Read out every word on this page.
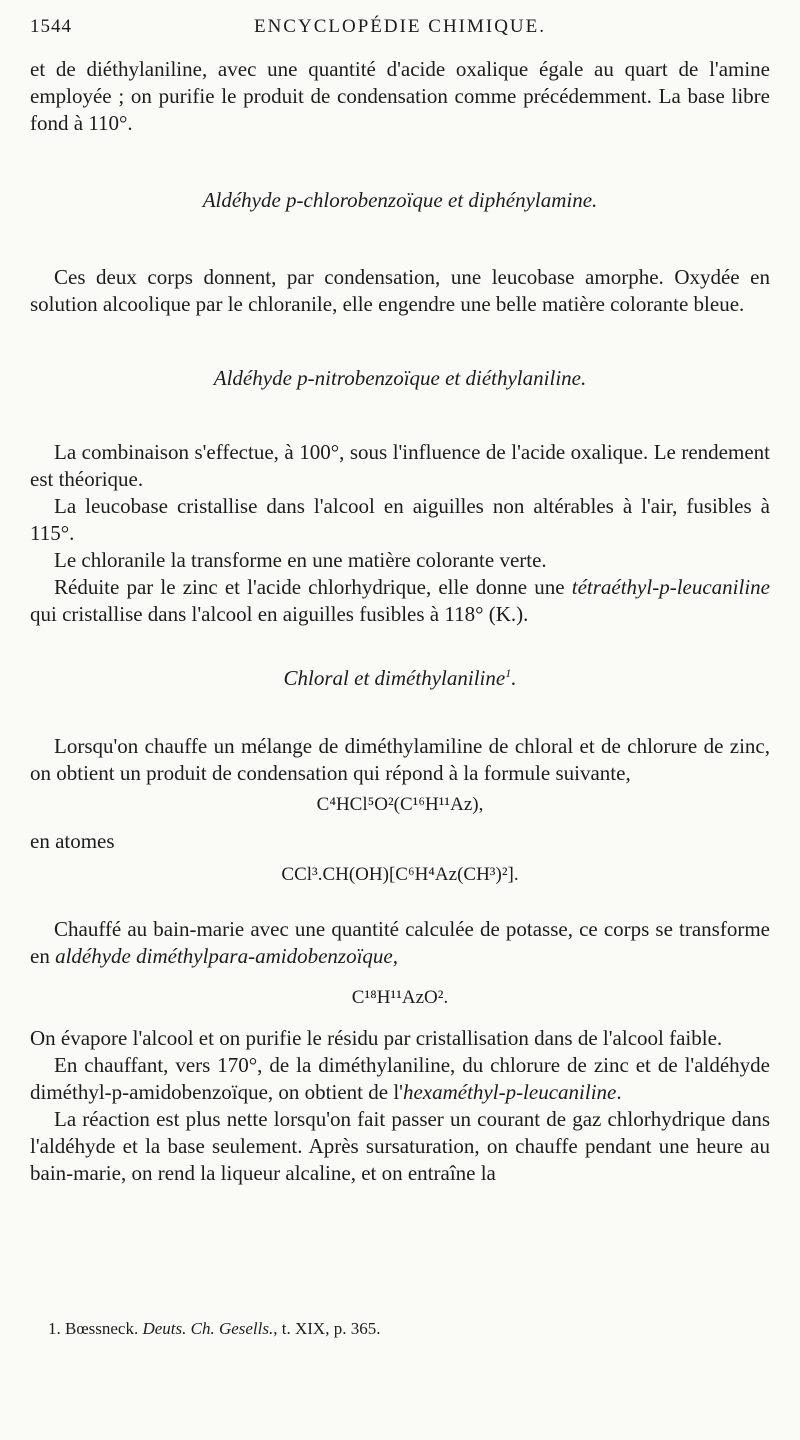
1544	ENCYCLOPÉDIE CHIMIQUE.

et de diéthylaniline, avec une quantité d'acide oxalique égale au quart de l'amine employée ; on purifie le produit de condensation comme précédemment. La base libre fond à 110°.

Aldéhyde p-chlorobenzoïque et diphénylamine.

Ces deux corps donnent, par condensation, une leucobase amorphe. Oxydée en solution alcoolique par le chloranile, elle engendre une belle matière colorante bleue.

Aldéhyde p-nitrobenzoïque et diéthylaniline.

La combinaison s'effectue, à 100°, sous l'influence de l'acide oxalique. Le rendement est théorique.

La leucobase cristallise dans l'alcool en aiguilles non altérables à l'air, fusibles à 115°.

Le chloranile la transforme en une matière colorante verte.

Réduite par le zinc et l'acide chlorhydrique, elle donne une tétraéthyl-p-leucaniline qui cristallise dans l'alcool en aiguilles fusibles à 118° (K.).

Chloral et diméthylaniline$^1$.

Lorsqu'on chauffe un mélange de diméthylamiline de chloral et de chlorure de zinc, on obtient un produit de condensation qui répond à la formule suivante,

C⁴HCl⁵O²(C¹⁶H¹¹Az),

en atomes

CCl³.CH(OH)[C⁶H⁴Az(CH³)²].

Chauffé au bain-marie avec une quantité calculée de potasse, ce corps se transforme en aldéhyde diméthylpara-amidobenzoïque,

C¹⁸H¹¹AzO².

On évapore l'alcool et on purifie le résidu par cristallisation dans de l'alcool faible.

En chauffant, vers 170°, de la diméthylaniline, du chlorure de zinc et de l'aldéhyde diméthyl-p-amidobenzoïque, on obtient de l'hexaméthyl-p-leucaniline.

La réaction est plus nette lorsqu'on fait passer un courant de gaz chlorhydrique dans l'aldéhyde et la base seulement. Après sursaturation, on chauffe pendant une heure au bain-marie, on rend la liqueur alcaline, et on entraîne la

1. Bœssneck. Deuts. Ch. Gesells., t. XIX, p. 365.
